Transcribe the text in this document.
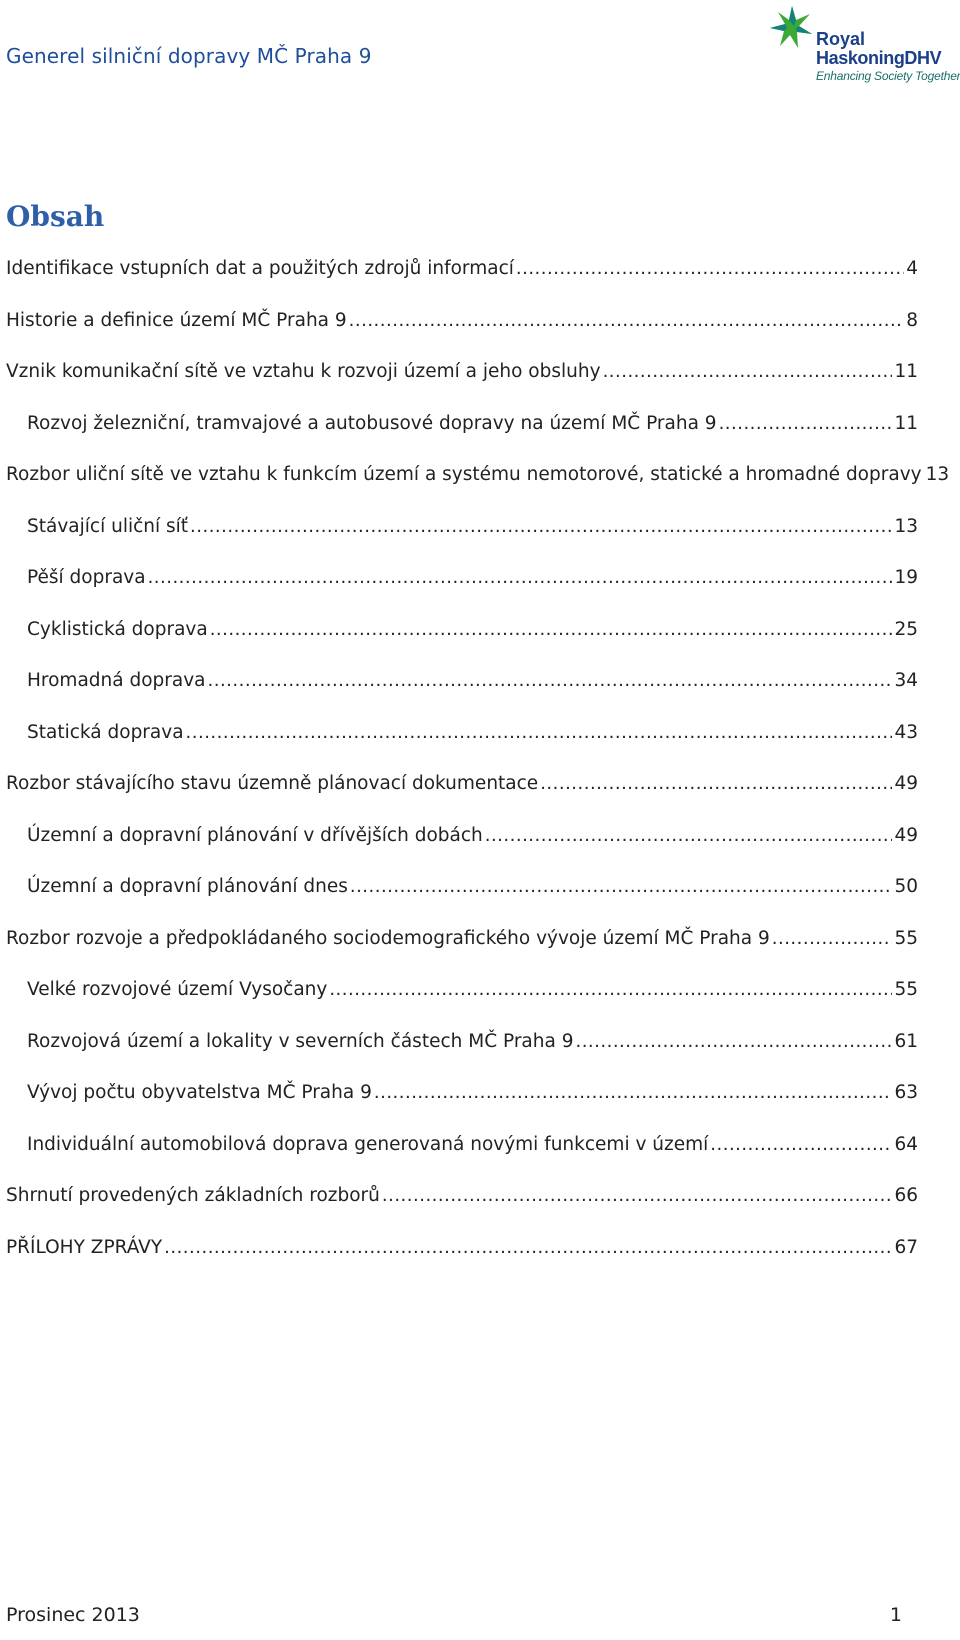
Generel silniční dopravy MČ Praha 9
Royal
HaskoningDHV
Enhancing Society Together
Obsah
Identifikace vstupních dat a použitých zdrojů informací .....	4
Historie a definice území MČ Praha 9 .....	8
Vznik komunikační sítě ve vztahu k rozvoji území a jeho obsluhy .....	11
Rozvoj železniční, tramvajové a autobusové dopravy na území MČ Praha 9 .....	11
Rozbor uliční sítě ve vztahu k funkcím území a systému nemotorové, statické a hromadné dopravy 13
Stávající uliční síť .....	13
Pěší doprava .....	19
Cyklistická doprava .....	25
Hromadná doprava .....	34
Statická doprava .....	43
Rozbor stávajícího stavu územně plánovací dokumentace .....	49
Územní a dopravní plánování v dřívějších dobách .....	49
Územní a dopravní plánování dnes .....	50
Rozbor rozvoje a předpokládaného sociodemografického vývoje území MČ Praha 9 .....	55
Velké rozvojové území Vysočany .....	55
Rozvojová území a lokality v severních částech MČ Praha 9 .....	61
Vývoj počtu obyvatelstva MČ Praha 9 .....	63
Individuální automobilová doprava generovaná novými funkcemi v území .....	64
Shrnutí provedených základních rozborů .....	66
PŘÍLOHY ZPRÁVY .....	67
Prosinec 2013	1
